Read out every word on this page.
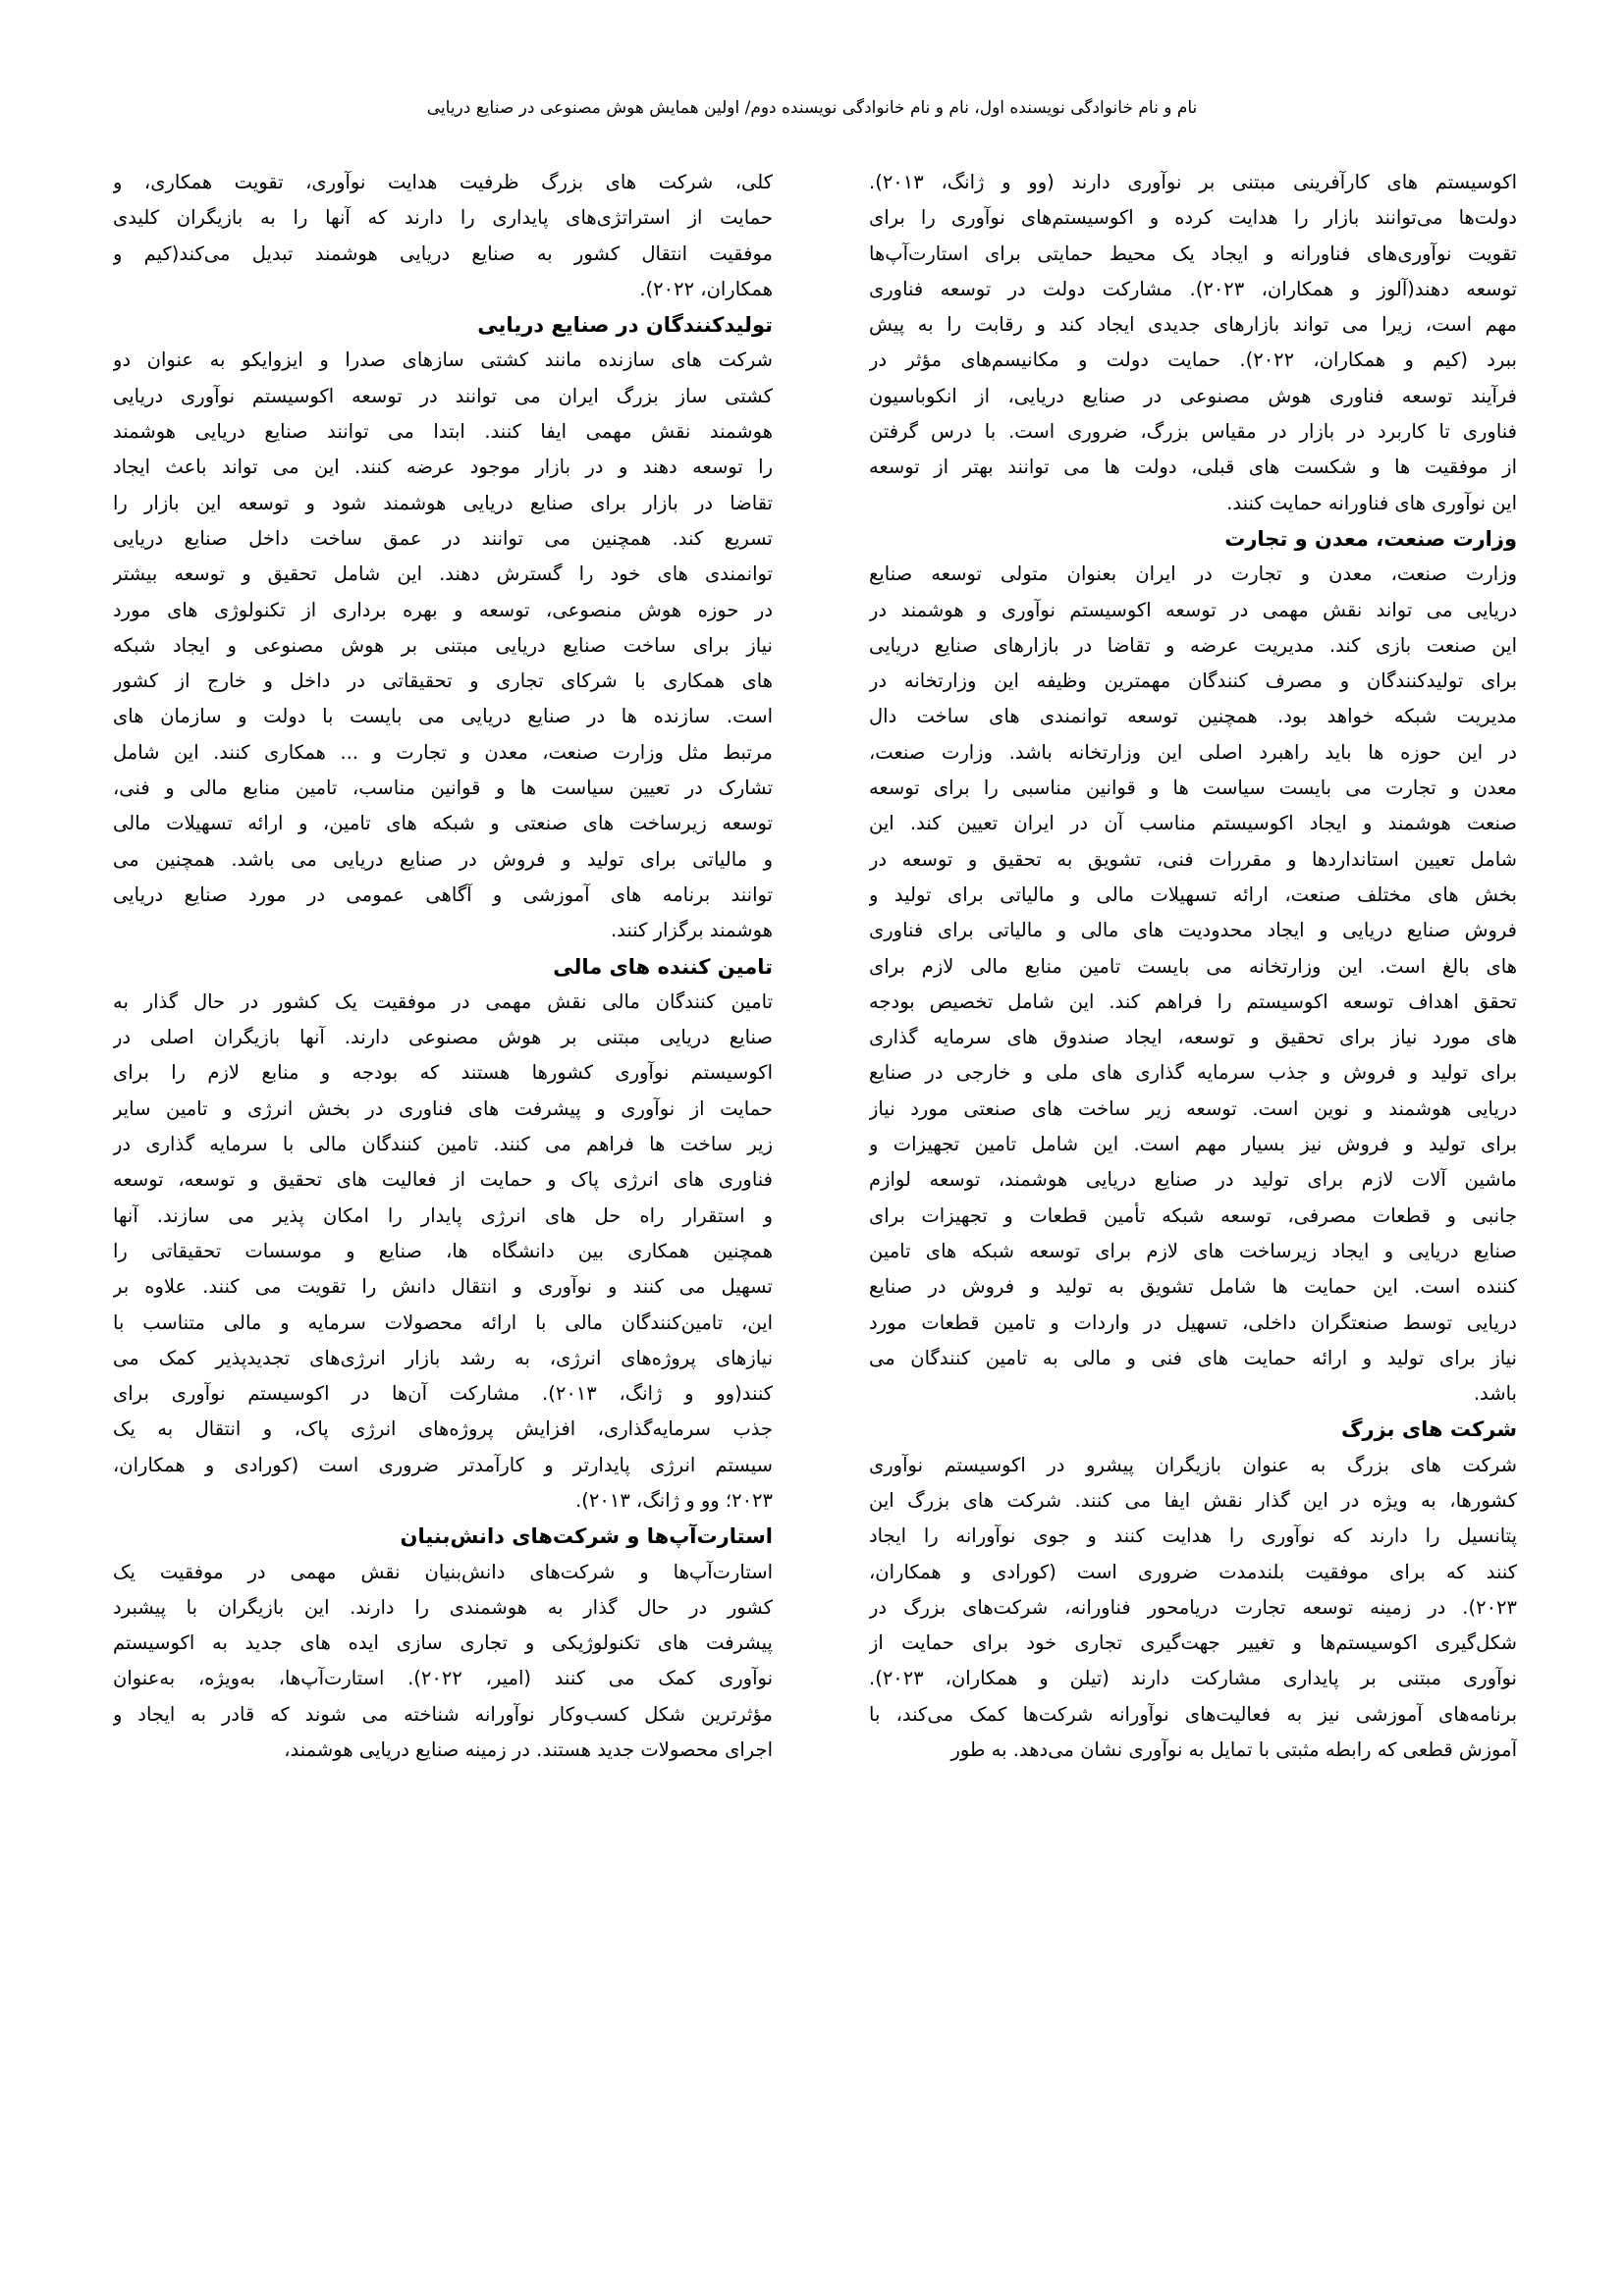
نام و نام خانوادگی نویسنده اول، نام و نام خانوادگی نویسنده دوم/ اولین همایش هوش مصنوعی در صنایع دریایی
اکوسیستم های کارآفرینی مبتنی بر نوآوری دارند (وو و ژانگ، ۲۰۱۳).
دولت‌ها می‌توانند بازار را هدایت کرده و اکوسیستم‌های نوآوری را برای
تقویت نوآوری‌های فناورانه و ایجاد یک محیط حمایتی برای استارت‌آپ‌ها
توسعه دهند(آلوز و همکاران، ۲۰۲۳). مشارکت دولت در توسعه فناوری
مهم است، زیرا می تواند بازارهای جدیدی ایجاد کند و رقابت را به پیش
ببرد (کیم و همکاران، ۲۰۲۲). حمایت دولت و مکانیسم‌های مؤثر در
فرآیند توسعه فناوری هوش مصنوعی در صنایع دریایی، از انکوباسیون
فناوری تا کاربرد در بازار در مقیاس بزرگ، ضروری است. با درس گرفتن
از موفقیت ها و شکست های قبلی، دولت ها می توانند بهتر از توسعه
این نوآوری های فناورانه حمایت کنند.
وزارت صنعت، معدن و تجارت
وزارت صنعت، معدن و تجارت در ایران بعنوان متولی توسعه صنایع
دریایی می تواند نقش مهمی در توسعه اکوسیستم نوآوری و هوشمند در
این صنعت بازی کند. مدیریت عرضه و تقاضا در بازارهای صنایع دریایی
برای تولیدکنندگان و مصرف کنندگان مهمترین وظیفه این وزارتخانه در
مدیریت شبکه خواهد بود. همچنین توسعه توانمندی های ساخت دال
در این حوزه ها باید راهبرد اصلی این وزارتخانه باشد. وزارت صنعت،
معدن و تجارت می بایست سیاست ها و قوانین مناسبی را برای توسعه
صنعت هوشمند و ایجاد اکوسیستم مناسب آن در ایران تعیین کند. این
شامل تعیین استانداردها و مقررات فنی، تشویق به تحقیق و توسعه در
بخش های مختلف صنعت، ارائه تسهیلات مالی و مالیاتی برای تولید و
فروش صنایع دریایی و ایجاد محدودیت های مالی و مالیاتی برای فناوری
های بالغ است. این وزارتخانه می بایست تامین منابع مالی لازم برای
تحقق اهداف توسعه اکوسیستم را فراهم کند. این شامل تخصیص بودجه
های مورد نیاز برای تحقیق و توسعه، ایجاد صندوق های سرمایه گذاری
برای تولید و فروش و جذب سرمایه گذاری های ملی و خارجی در صنایع
دریایی هوشمند و نوین است. توسعه زیر ساخت های صنعتی مورد نیاز
برای تولید و فروش نیز بسیار مهم است. این شامل تامین تجهیزات و
ماشین آلات لازم برای تولید در صنایع دریایی هوشمند، توسعه لوازم
جانبی و قطعات مصرفی، توسعه شبکه تأمین قطعات و تجهیزات برای
صنایع دریایی و ایجاد زیرساخت های لازم برای توسعه شبکه های تامین
کننده است. این حمایت ها شامل تشویق به تولید و فروش در صنایع
دریایی توسط صنعتگران داخلی، تسهیل در واردات و تامین قطعات مورد
نیاز برای تولید و ارائه حمایت های فنی و مالی به تامین کنندگان می
باشد.
شرکت های بزرگ
شرکت های بزرگ به عنوان بازیگران پیشرو در اکوسیستم نوآوری
کشورها، به ویژه در این گذار نقش ایفا می کنند. شرکت های بزرگ این
پتانسیل را دارند که نوآوری را هدایت کنند و جوی نوآورانه را ایجاد
کنند که برای موفقیت بلندمدت ضروری است (کورادی و همکاران،
۲۰۲۳). در زمینه توسعه تجارت دریامحور فناورانه، شرکت‌های بزرگ در
شکل‌گیری اکوسیستم‌ها و تغییر جهت‌گیری تجاری خود برای حمایت از
نوآوری مبتنی بر پایداری مشارکت دارند (تیلن و همکاران، ۲۰۲۳).
برنامه‌های آموزشی نیز به فعالیت‌های نوآورانه شرکت‌ها کمک می‌کند، با
آموزش قطعی که رابطه مثبتی با تمایل به نوآوری نشان می‌دهد. به طور
کلی، شرکت های بزرگ ظرفیت هدایت نوآوری، تقویت همکاری، و
حمایت از استراتژی‌های پایداری را دارند که آنها را به بازیگران کلیدی
موفقیت انتقال کشور به صنایع دریایی هوشمند تبدیل می‌کند(کیم و
همکاران، ۲۰۲۲).
تولیدکنندگان در صنایع دریایی
شرکت های سازنده مانند کشتی سازهای صدرا و ایزوایکو به عنوان دو
کشتی ساز بزرگ ایران می توانند در توسعه اکوسیستم نوآوری دریایی
هوشمند نقش مهمی ایفا کنند. ابتدا می توانند صنایع دریایی هوشمند
را توسعه دهند و در بازار موجود عرضه کنند. این می تواند باعث ایجاد
تقاضا در بازار برای صنایع دریایی هوشمند شود و توسعه این بازار را
تسریع کند. همچنین می توانند در عمق ساخت داخل صنایع دریایی
توانمندی های خود را گسترش دهند. این شامل تحقیق و توسعه بیشتر
در حوزه هوش منصوعی، توسعه و بهره برداری از تکنولوژی های مورد
نیاز برای ساخت صنایع دریایی مبتنی بر هوش مصنوعی و ایجاد شبکه
های همکاری با شرکای تجاری و تحقیقاتی در داخل و خارج از کشور
است. سازنده ها در صنایع دریایی می بایست با دولت و سازمان های
مرتبط مثل وزارت صنعت، معدن و تجارت و ... همکاری کنند. این شامل
تشارک در تعیین سیاست ها و قوانین مناسب، تامین منابع مالی و فنی،
توسعه زیرساخت های صنعتی و شبکه های تامین، و ارائه تسهیلات مالی
و مالیاتی برای تولید و فروش در صنایع دریایی می باشد. همچنین می
توانند برنامه های آموزشی و آگاهی عمومی در مورد صنایع دریایی
هوشمند برگزار کنند.
تامین کننده های مالی
تامین کنندگان مالی نقش مهمی در موفقیت یک کشور در حال گذار به
صنایع دریایی مبتنی بر هوش مصنوعی دارند. آنها بازیگران اصلی در
اکوسیستم نوآوری کشورها هستند که بودجه و منابع لازم را برای
حمایت از نوآوری و پیشرفت های فناوری در بخش انرژی و تامین سایر
زیر ساخت ها فراهم می کنند. تامین کنندگان مالی با سرمایه گذاری در
فناوری های انرژی پاک و حمایت از فعالیت های تحقیق و توسعه، توسعه
و استقرار راه حل های انرژی پایدار را امکان پذیر می سازند. آنها
همچنین همکاری بین دانشگاه ها، صنایع و موسسات تحقیقاتی را
تسهیل می کنند و نوآوری و انتقال دانش را تقویت می کنند. علاوه بر
این، تامین‌کنندگان مالی با ارائه محصولات سرمایه و مالی متناسب با
نیازهای پروژه‌های انرژی، به رشد بازار انرژی‌های تجدیدپذیر کمک می
کنند(وو و ژانگ، ۲۰۱۳). مشارکت آن‌ها در اکوسیستم نوآوری برای
جذب سرمایه‌گذاری، افزایش پروژه‌های انرژی پاک، و انتقال به یک
سیستم انرژی پایدارتر و کارآمدتر ضروری است (کورادی و همکاران،
۲۰۲۳؛ وو و ژانگ، ۲۰۱۳).
استارت‌آپ‌ها و شرکت‌های دانش‌بنیان
استارت‌آپ‌ها و شرکت‌های دانش‌بنیان نقش مهمی در موفقیت یک
کشور در حال گذار به هوشمندی را دارند. این بازیگران با پیشبرد
پیشرفت های تکنولوژیکی و تجاری سازی ایده های جدید به اکوسیستم
نوآوری کمک می کنند (امیر، ۲۰۲۲). استارت‌آپ‌ها، به‌ویژه، به‌عنوان
مؤثرترین شکل کسب‌وکار نوآورانه شناخته می شوند که قادر به ایجاد و
اجرای محصولات جدید هستند. در زمینه صنایع دریایی هوشمند،
